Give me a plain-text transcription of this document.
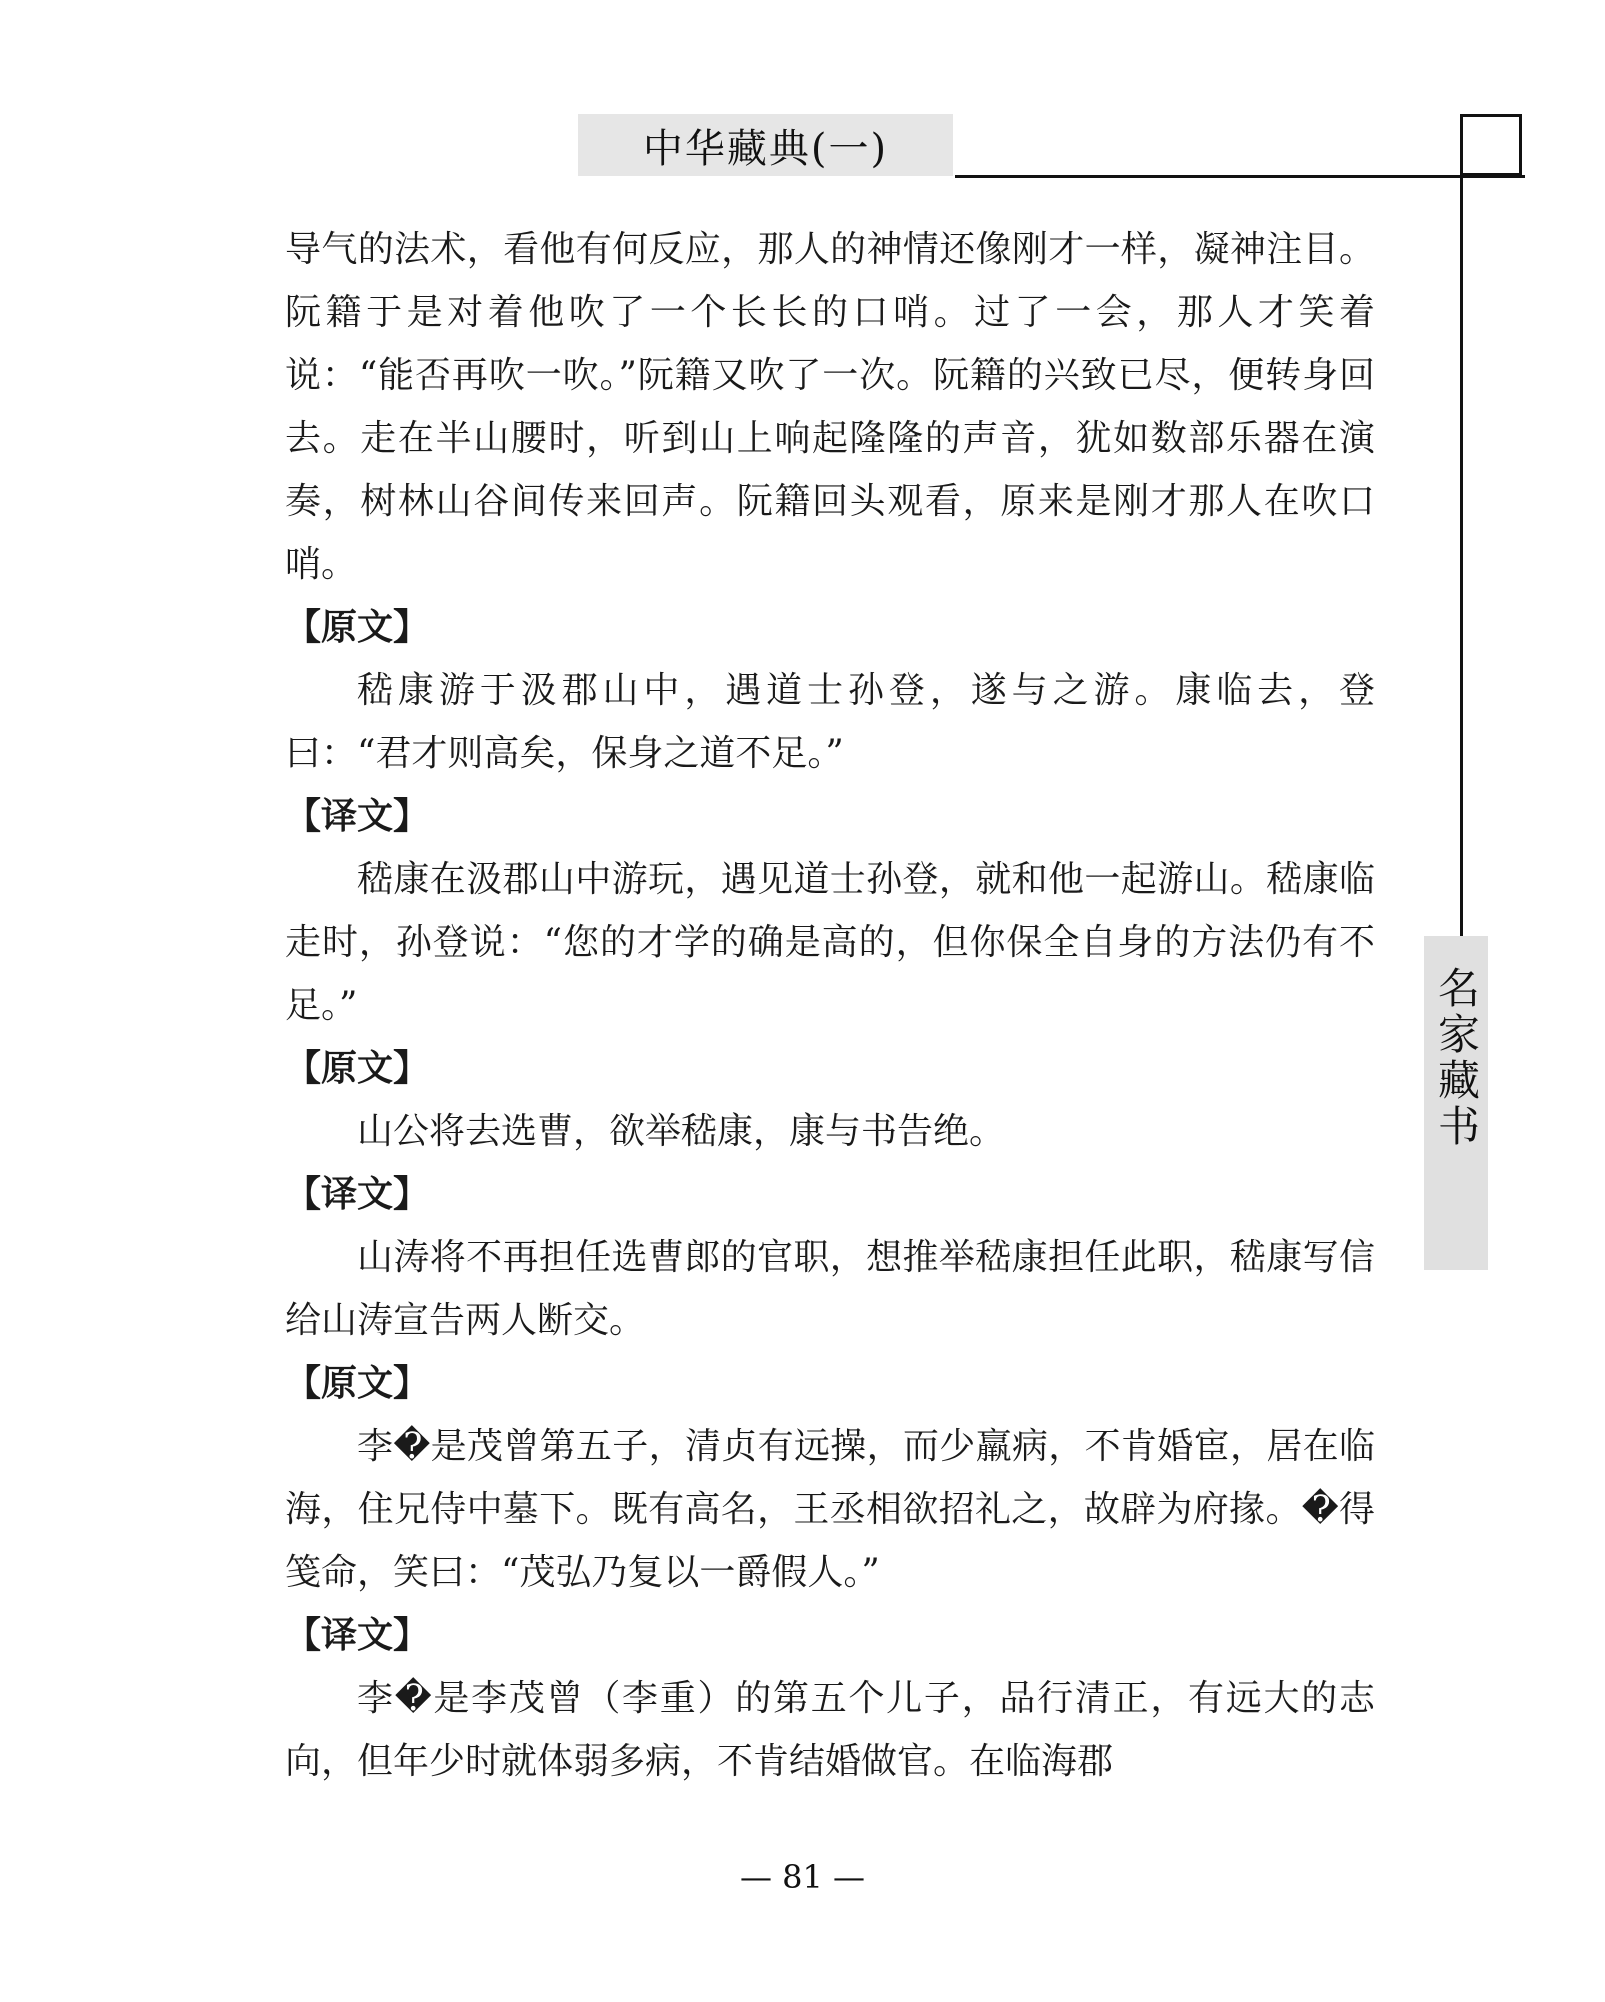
中华藏典(一)
名家藏书

导气的法术，看他有何反应，那人的神情还像刚才一样，凝神注目。阮籍于是对着他吹了一个长长的口哨。过了一会，那人才笑着说：“能否再吹一吹。”阮籍又吹了一次。阮籍的兴致已尽，便转身回去。走在半山腰时，听到山上响起隆隆的声音，犹如数部乐器在演奏，树林山谷间传来回声。阮籍回头观看，原来是刚才那人在吹口哨。

【原文】

嵇康游于汲郡山中，遇道士孙登，遂与之游。康临去，登曰：“君才则高矣，保身之道不足。”

【译文】

嵇康在汲郡山中游玩，遇见道士孙登，就和他一起游山。嵇康临走时，孙登说：“您的才学的确是高的，但你保全自身的方法仍有不足。”

【原文】

山公将去选曹，欲举嵇康，康与书告绝。

【译文】

山涛将不再担任选曹郎的官职，想推举嵇康担任此职，嵇康写信给山涛宣告两人断交。

【原文】

李�是茂曾第五子，清贞有远操，而少羸病，不肯婚宦，居在临海，住兄侍中墓下。既有高名，王丞相欲招礼之，故辟为府掾。�得笺命，笑曰：“茂弘乃复以一爵假人。”

【译文】

李�是李茂曾（李重）的第五个儿子，品行清正，有远大的志向，但年少时就体弱多病，不肯结婚做官。在临海郡

— 81 —
